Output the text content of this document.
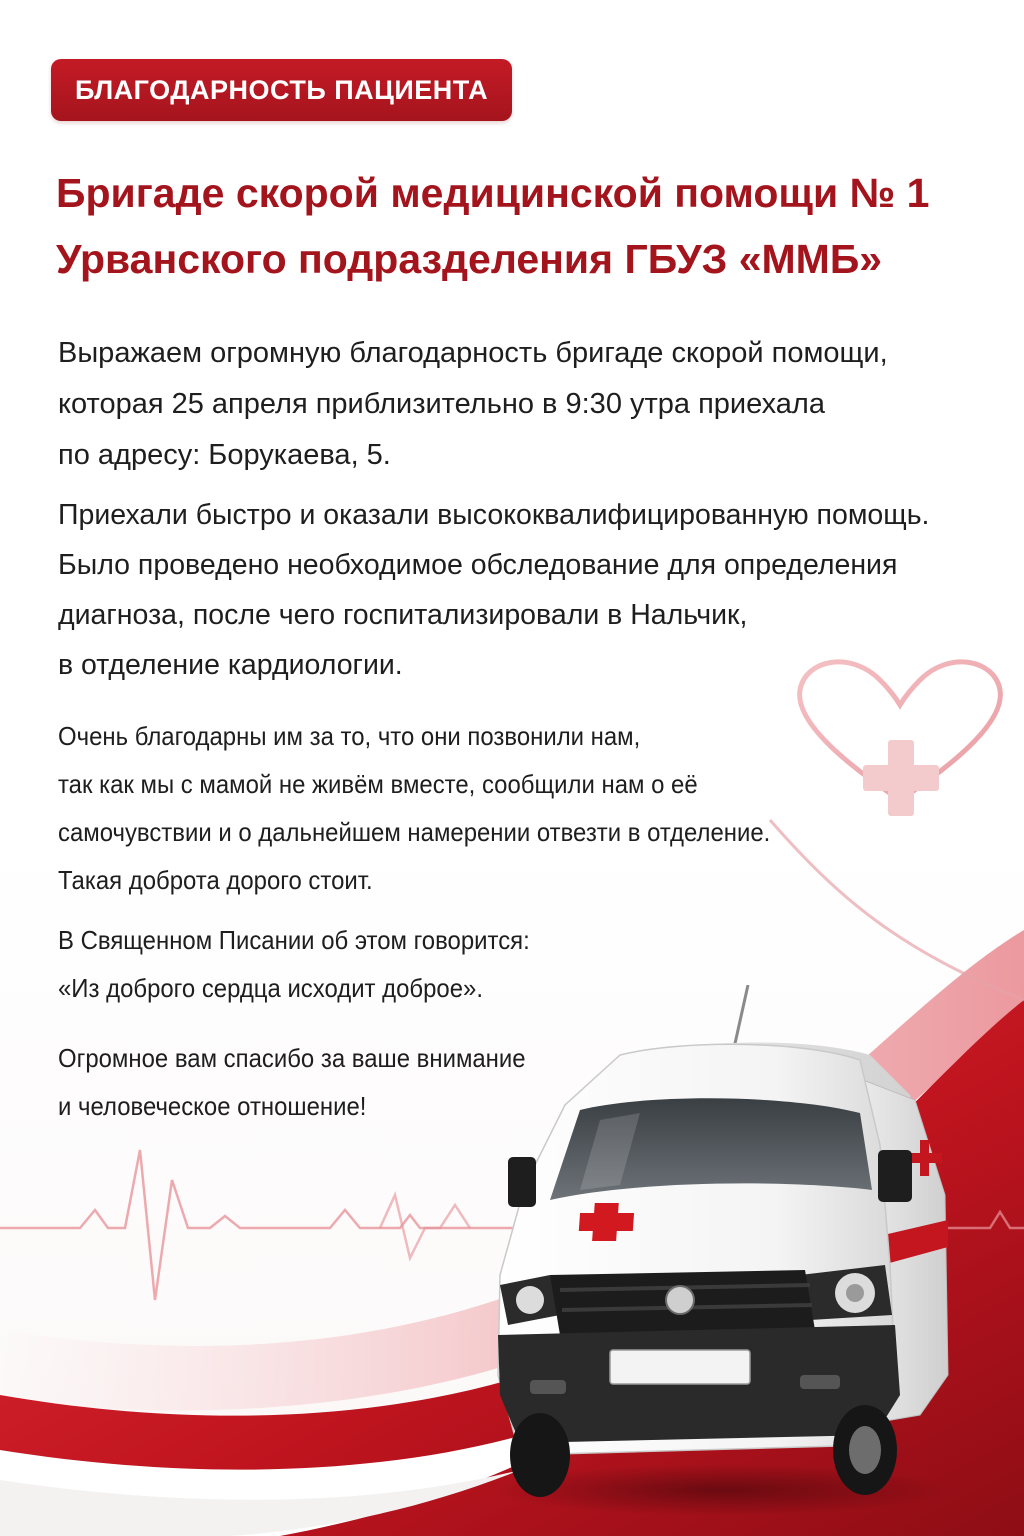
БЛАГОДАРНОСТЬ ПАЦИЕНТА
Бригаде скорой медицинской помощи № 1
Урванского подразделения ГБУЗ «ММБ»
Выражаем огромную благодарность бригаде скорой помощи,
которая 25 апреля приблизительно в 9:30 утра приехала
по адресу: Борукаева, 5.
Приехали быстро и оказали высококвалифицированную помощь.
Было проведено необходимое обследование для определения
диагноза, после чего госпитализировали в Нальчик,
в отделение кардиологии.
Очень благодарны им за то, что они позвонили нам,
так как мы с мамой не живём вместе, сообщили нам о её
самочувствии и о дальнейшем намерении отвезти в отделение.
Такая доброта дорого стоит.
В Священном Писании об этом говорится:
«Из доброго сердца исходит доброе».
Огромное вам спасибо за ваше внимание
и человеческое отношение!
